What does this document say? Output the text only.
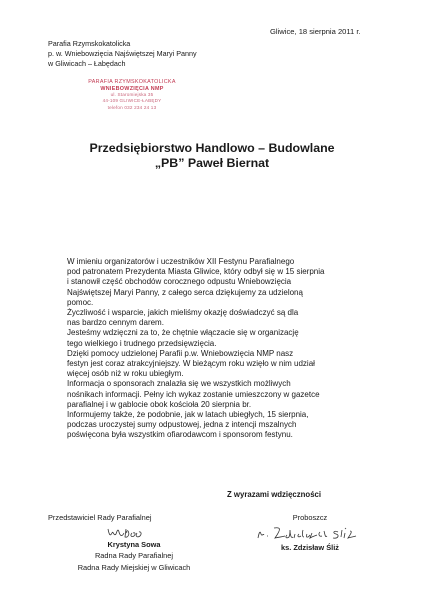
Gliwice, 18 sierpnia 2011 r.
Parafia Rzymskokatolicka
p. w. Wniebowzięcia Najświętszej Maryi Panny
w Gliwicach – Łabędach
PARAFIA RZYMSKOKATOLICKA
WNIEBOWZIĘCIA NMP
ul. Staromiejska 35
44-109 GLIWICE-ŁABĘDY
telefon 032 234 24 13
Przedsiębiorstwo Handlowo – Budowlane
„PB” Paweł Biernat

W imieniu organizatorów i uczestników XII Festynu Parafialnego
pod patronatem Prezydenta Miasta Gliwice, który odbył się w 15 sierpnia
i stanowił część obchodów corocznego odpustu Wniebowzięcia
Najświętszej Maryi Panny, z całego serca dziękujemy za udzieloną
pomoc.

Życzliwość i wsparcie, jakich mieliśmy okazję doświadczyć są dla
nas bardzo cennym darem.

Jesteśmy wdzięczni za to, że chętnie włączacie się w organizację
tego wielkiego i trudnego przedsięwzięcia.

Dzięki pomocy udzielonej Parafii p.w. Wniebowzięcia NMP nasz
festyn jest coraz atrakcyjniejszy. W bieżącym roku wzięło w nim udział
więcej osób niż w roku ubiegłym.

Informacja o sponsorach znalazła się we wszystkich możliwych
nośnikach informacji. Pełny ich wykaz zostanie umieszczony w gazetce
parafialnej i w gablocie obok kościoła 20 sierpnia br.

Informujemy także, że podobnie, jak w latach ubiegłych, 15 sierpnia,
podczas uroczystej sumy odpustowej, jedna z intencji mszalnych
poświęcona była wszystkim ofiarodawcom i sponsorom festynu.

Z wyrazami wdzięczności
Przedstawiciel Rady Parafialnej
Krystyna Sowa
Radna Rady Parafialnej
Radna Rady Miejskiej w Gliwicach
Proboszcz
ks. Zdzisław Śliż
